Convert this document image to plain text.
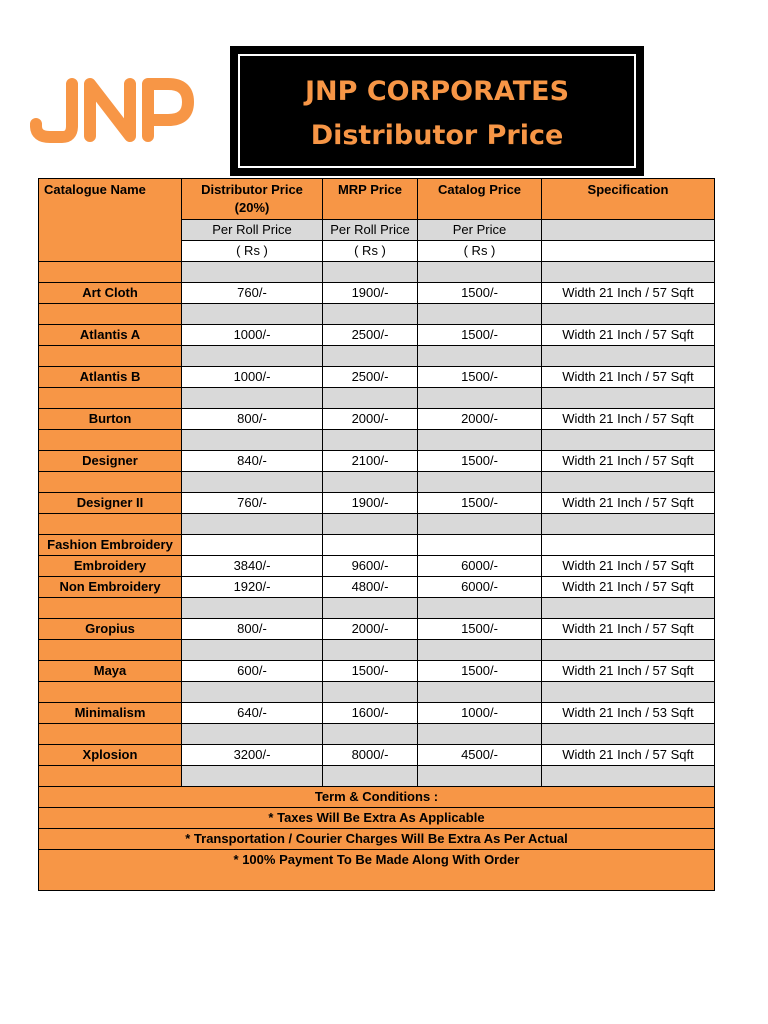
JNP CORPORATES
Distributor Price
Catalogue Name	Distributor Price (20%)	MRP Price	Catalog Price	Specification
	Per Roll Price	Per Roll Price	Per Price	
	( Rs )	( Rs )	( Rs )	

Art Cloth	760/-	1900/-	1500/-	Width 21 Inch / 57 Sqft

Atlantis A	1000/-	2500/-	1500/-	Width 21 Inch / 57 Sqft

Atlantis B	1000/-	2500/-	1500/-	Width 21 Inch / 57 Sqft

Burton	800/-	2000/-	2000/-	Width 21 Inch / 57 Sqft

Designer	840/-	2100/-	1500/-	Width 21 Inch / 57 Sqft

Designer II	760/-	1900/-	1500/-	Width 21 Inch / 57 Sqft

Fashion Embroidery				
Embroidery	3840/-	9600/-	6000/-	Width 21 Inch / 57 Sqft
Non Embroidery	1920/-	4800/-	6000/-	Width 21 Inch / 57 Sqft

Gropius	800/-	2000/-	1500/-	Width 21 Inch / 57 Sqft

Maya	600/-	1500/-	1500/-	Width 21 Inch / 57 Sqft

Minimalism	640/-	1600/-	1000/-	Width 21 Inch / 53 Sqft

Xplosion	3200/-	8000/-	4500/-	Width 21 Inch / 57 Sqft

Term & Conditions :				
* Taxes Will Be Extra As Applicable				
* Transportation / Courier Charges Will Be Extra As Per Actual				
* 100% Payment To Be Made Along With Order				
